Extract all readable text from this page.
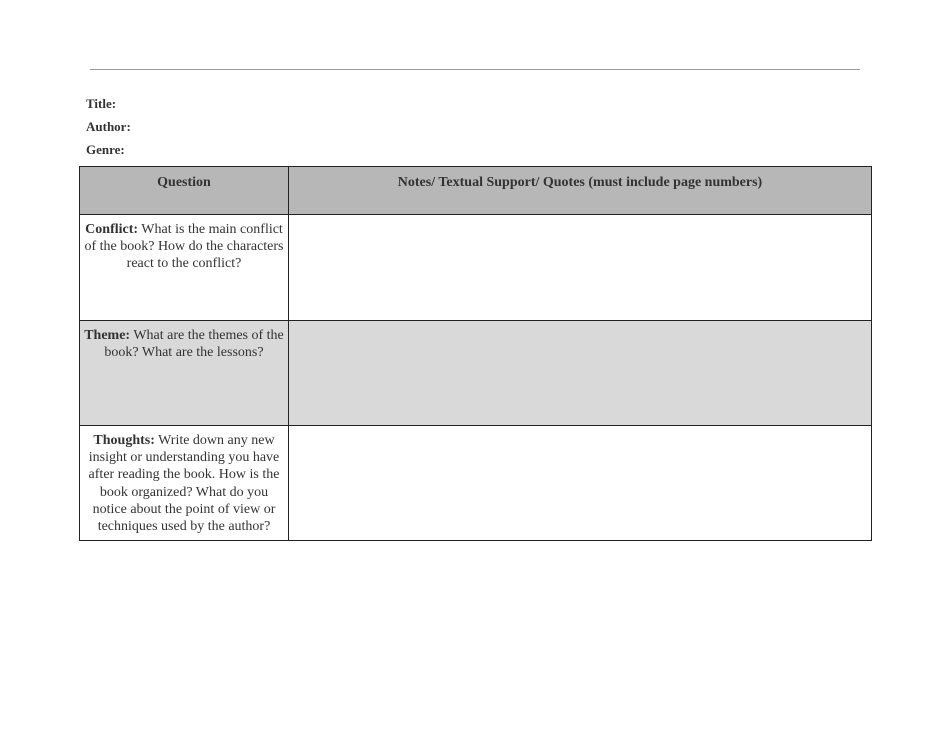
Title:
Author:
Genre:
Question	Notes/ Textual Support/ Quotes (must include page numbers)

Conflict: What is the main conflict of the book? How do the characters react to the conflict?	

Theme: What are the themes of the book? What are the lessons?	

Thoughts: Write down any new insight or understanding you have after reading the book. How is the book organized? What do you notice about the point of view or techniques used by the author?	
